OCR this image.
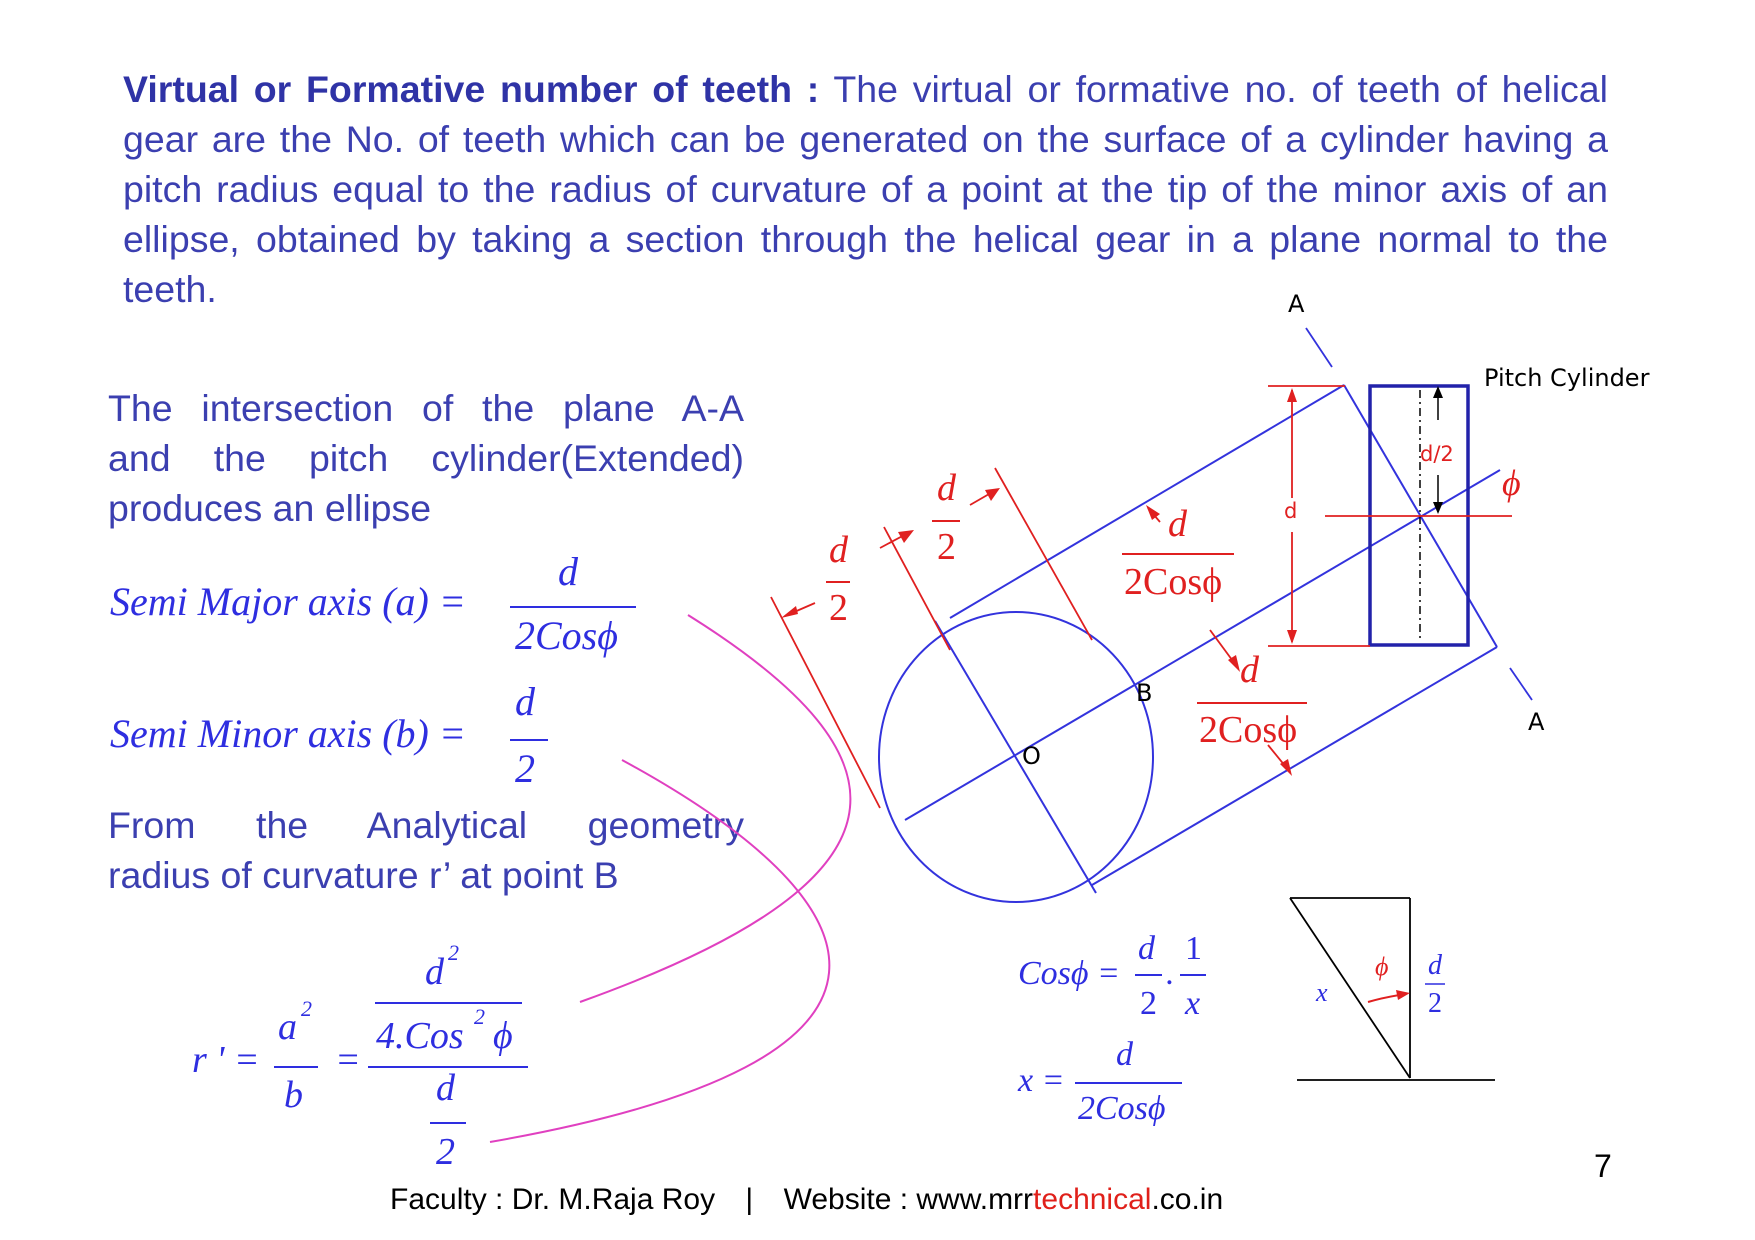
Virtual or Formative number of teeth : The virtual or formative no. of teeth of helical gear are the No. of teeth which can be generated on the surface of a cylinder having a pitch radius equal to the radius of curvature of a point at the tip of the minor axis of an ellipse, obtained by taking a section through the helical gear in a plane normal to the teeth.
The intersection of the plane A-A
and the pitch cylinder(Extended)
produces an ellipse
Semi Major axis (a) =
d
2Cosϕ
Semi Minor axis (b) =
d
2
From the Analytical geometry
radius of curvature r’ at point B
r ' =
a 2
b
=
d 2
4.Cos 2 ϕ
d
2
A
A
Pitch Cylinder
d/2
d
ϕ
B
O
d
2
d
2
d
2Cosϕ
d
2Cosϕ
Cosϕ =
d
2
.
1
x
x =
d
2Cosϕ
x
ϕ d
2
7
Faculty : Dr. M.Raja Roy | Website : www.mrrtechnical.co.in
